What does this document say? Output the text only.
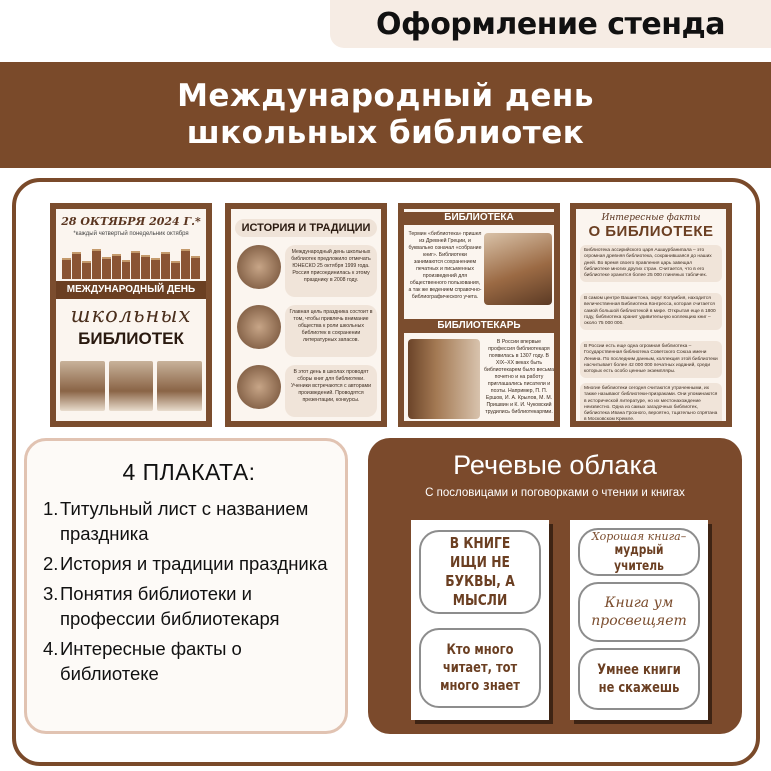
Оформление стенда
Международный день
школьных библиотек
28 ОКТЯБРЯ 2024 Г.*
*каждый четвертый понедельник октября
МЕЖДУНАРОДНЫЙ ДЕНЬ
школьных
БИБЛИОТЕК
ИСТОРИЯ И ТРАДИЦИИ
Международный день школьных библиотек предложило отмечать ЮНЕСКО 25 октября 1999 года. Россия присоединилась к этому празднику в 2008 году.
Главная цель праздника состоит в том, чтобы привлечь внимание общества к роли школьных библиотек в сохранении литературных запасов.
В этот день в школах проводят сборы книг для библиотеки. Ученики встречаются с авторами произведений. Проводятся презентации, конкурсы.
БИБЛИОТЕКА
Термин «библиотека» пришел из Древней Греции, и буквально означал «собрание книг». Библиотеки занимаются сохранением печатных и письменных произведений для общественного пользования, а так же ведением справочно-библиографического учета.
БИБЛИОТЕКАРЬ
В России впервые профессия библиотекаря появилась в 1307 году. В XIX–XX веках быть библиотекарем было весьма почетно и на работу приглашались писатели и поэты. Например, П. П. Ершов, И. А. Крылов, М. М. Пришвин и К. И. Чуковский трудились библиотекарями.
Интересные факты
О БИБЛИОТЕКЕ
Библиотека ассирийского царя Ашшурбанипала – это огромная древняя библиотека, сохранившаяся до наших дней. Во время своего правления царь завещал библиотеке многих других стран. Считается, что в его библиотеке хранится более 25 000 глиняных табличек.
В самом центре Вашингтона, округ Колумбия, находится величественная Библиотека Конгресса, которая считается самой большой библиотекой в мире. Открытая еще в 1800 году, библиотека хранит удивительную коллекцию книг – около 75 000 000.
В России есть еще одна огромная библиотека – Государственная библиотека Советского Союза имени Ленина. По последним данным, коллекция этой библиотеки насчитывает более 42 000 000 печатных изданий, среди которых есть особо ценные экземпляры.
Многие библиотеки сегодня считаются утраченными, их также называют библиотеки-призраками. Они упоминаются в исторической литературе, но их местонахождение неизвестно. Одна из самых загадочных библиотек, библиотека Ивана Грозного, вероятно, тщательно спрятана в Московском Кремле.
4 ПЛАКАТА:
1. Титульный лист с названием праздника
2. История и традиции праздника
3. Понятия библиотеки и профессии библиотекаря
4. Интересные факты о библиотеке
Речевые облака
С пословицами и поговорками о чтении и книгах
В КНИГЕ ИЩИ НЕ БУКВЫ, А МЫСЛИ
Кто много читает, тот много знает
Хорошая книга–
мудрый учитель
Книга ум просвещяет
Умнее книги не скажешь
